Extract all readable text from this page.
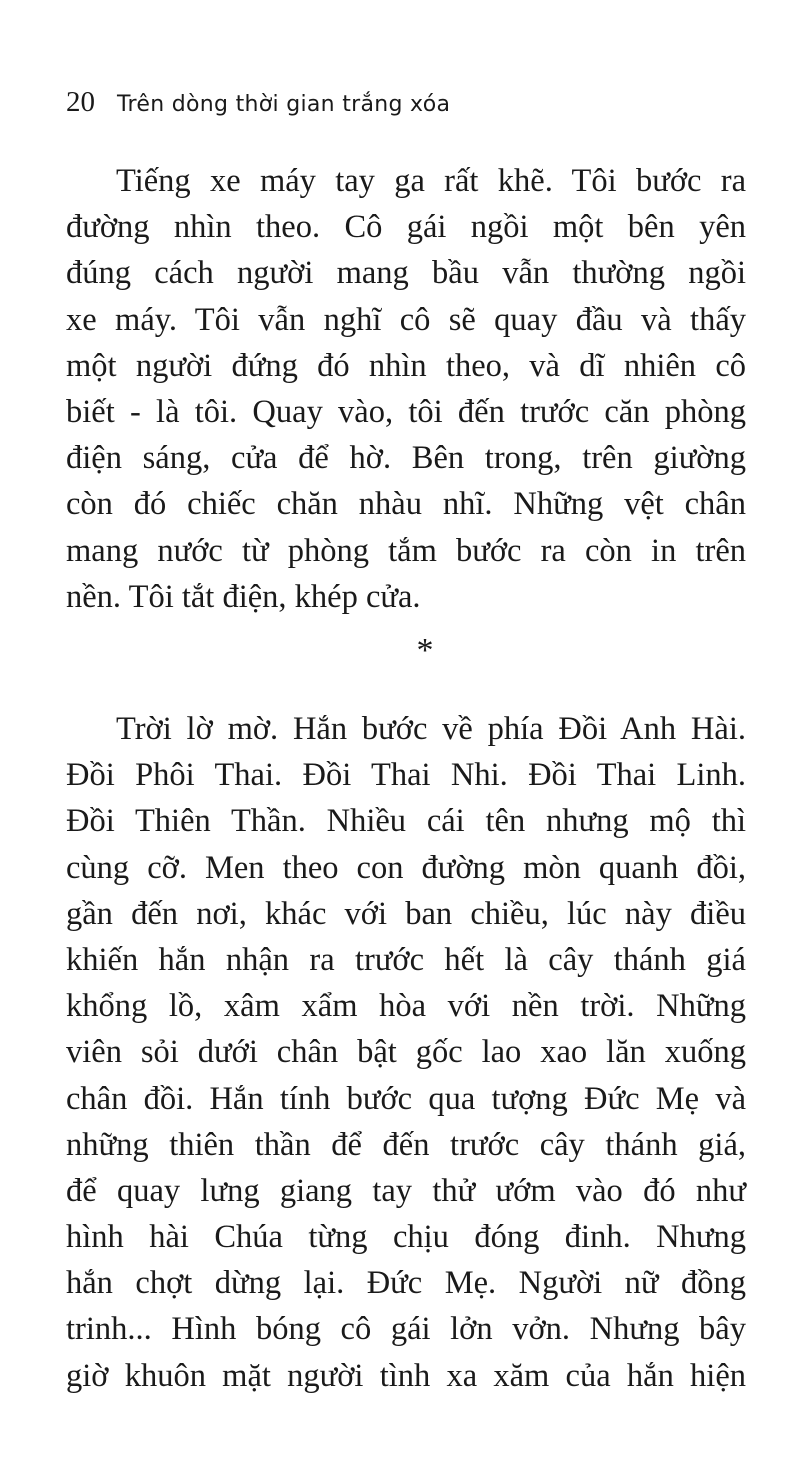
20 Trên dòng thời gian trắng xóa
Tiếng xe máy tay ga rất khẽ. Tôi bước ra
đường nhìn theo. Cô gái ngồi một bên yên
đúng cách người mang bầu vẫn thường ngồi
xe máy. Tôi vẫn nghĩ cô sẽ quay đầu và thấy
một người đứng đó nhìn theo, và dĩ nhiên cô
biết - là tôi. Quay vào, tôi đến trước căn phòng
điện sáng, cửa để hờ. Bên trong, trên giường
còn đó chiếc chăn nhàu nhĩ. Những vệt chân
mang nước từ phòng tắm bước ra còn in trên
nền. Tôi tắt điện, khép cửa.
*
Trời lờ mờ. Hắn bước về phía Đồi Anh Hài.
Đồi Phôi Thai. Đồi Thai Nhi. Đồi Thai Linh.
Đồi Thiên Thần. Nhiều cái tên nhưng mộ thì
cùng cỡ. Men theo con đường mòn quanh đồi,
gần đến nơi, khác với ban chiều, lúc này điều
khiến hắn nhận ra trước hết là cây thánh giá
khổng lồ, xâm xẩm hòa với nền trời. Những
viên sỏi dưới chân bật gốc lao xao lăn xuống
chân đồi. Hắn tính bước qua tượng Đức Mẹ và
những thiên thần để đến trước cây thánh giá,
để quay lưng giang tay thử ướm vào đó như
hình hài Chúa từng chịu đóng đinh. Nhưng
hắn chợt dừng lại. Đức Mẹ. Người nữ đồng
trinh... Hình bóng cô gái lởn vởn. Nhưng bây
giờ khuôn mặt người tình xa xăm của hắn hiện
